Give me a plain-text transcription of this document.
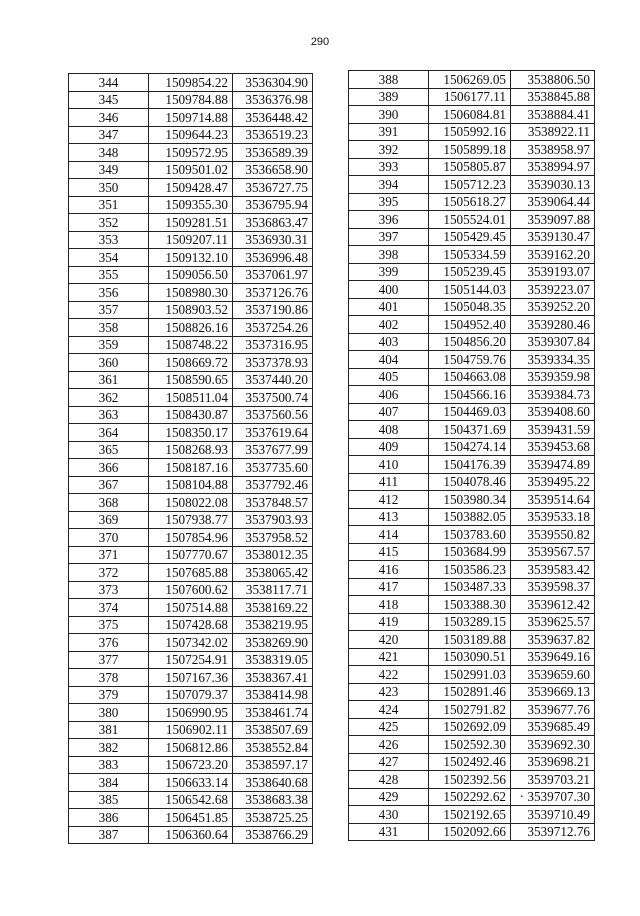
290
344	1509854.22	3536304.90
345	1509784.88	3536376.98
346	1509714.88	3536448.42
347	1509644.23	3536519.23
348	1509572.95	3536589.39
349	1509501.02	3536658.90
350	1509428.47	3536727.75
351	1509355.30	3536795.94
352	1509281.51	3536863.47
353	1509207.11	3536930.31
354	1509132.10	3536996.48
355	1509056.50	3537061.97
356	1508980.30	3537126.76
357	1508903.52	3537190.86
358	1508826.16	3537254.26
359	1508748.22	3537316.95
360	1508669.72	3537378.93
361	1508590.65	3537440.20
362	1508511.04	3537500.74
363	1508430.87	3537560.56
364	1508350.17	3537619.64
365	1508268.93	3537677.99
366	1508187.16	3537735.60
367	1508104.88	3537792.46
368	1508022.08	3537848.57
369	1507938.77	3537903.93
370	1507854.96	3537958.52
371	1507770.67	3538012.35
372	1507685.88	3538065.42
373	1507600.62	3538117.71
374	1507514.88	3538169.22
375	1507428.68	3538219.95
376	1507342.02	3538269.90
377	1507254.91	3538319.05
378	1507167.36	3538367.41
379	1507079.37	3538414.98
380	1506990.95	3538461.74
381	1506902.11	3538507.69
382	1506812.86	3538552.84
383	1506723.20	3538597.17
384	1506633.14	3538640.68
385	1506542.68	3538683.38
386	1506451.85	3538725.25
387	1506360.64	3538766.29
388	1506269.05	3538806.50
389	1506177.11	3538845.88
390	1506084.81	3538884.41
391	1505992.16	3538922.11
392	1505899.18	3538958.97
393	1505805.87	3538994.97
394	1505712.23	3539030.13
395	1505618.27	3539064.44
396	1505524.01	3539097.88
397	1505429.45	3539130.47
398	1505334.59	3539162.20
399	1505239.45	3539193.07
400	1505144.03	3539223.07
401	1505048.35	3539252.20
402	1504952.40	3539280.46
403	1504856.20	3539307.84
404	1504759.76	3539334.35
405	1504663.08	3539359.98
406	1504566.16	3539384.73
407	1504469.03	3539408.60
408	1504371.69	3539431.59
409	1504274.14	3539453.68
410	1504176.39	3539474.89
411	1504078.46	3539495.22
412	1503980.34	3539514.64
413	1503882.05	3539533.18
414	1503783.60	3539550.82
415	1503684.99	3539567.57
416	1503586.23	3539583.42
417	1503487.33	3539598.37
418	1503388.30	3539612.42
419	1503289.15	3539625.57
420	1503189.88	3539637.82
421	1503090.51	3539649.16
422	1502991.03	3539659.60
423	1502891.46	3539669.13
424	1502791.82	3539677.76
425	1502692.09	3539685.49
426	1502592.30	3539692.30
427	1502492.46	3539698.21
428	1502392.56	3539703.21
429	1502292.62	· 3539707.30
430	1502192.65	3539710.49
431	1502092.66	3539712.76
